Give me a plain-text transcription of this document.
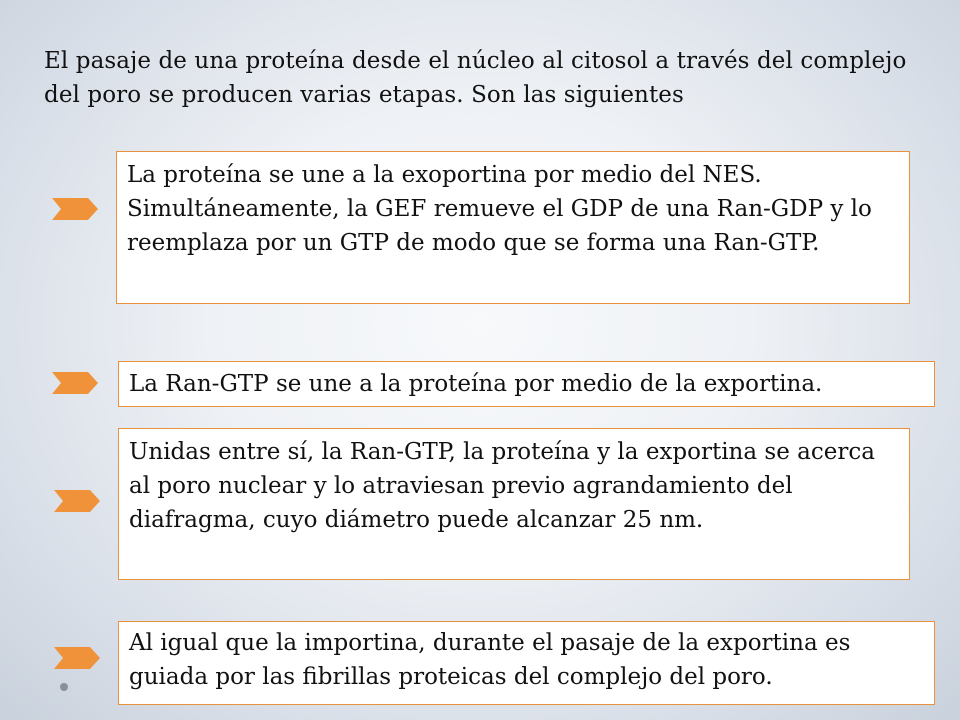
El pasaje de una proteína desde el núcleo al citosol a través del complejo del poro se producen varias etapas. Son las siguientes
La proteína se une a la exoportina por medio del NES. Simultáneamente, la GEF remueve el GDP de una Ran-GDP y lo reemplaza por un GTP de modo que se forma una Ran-GTP.
La Ran-GTP se une a la proteína por medio de la exportina.
Unidas entre sí, la Ran-GTP, la proteína y la exportina se acerca al poro nuclear y lo atraviesan previo agrandamiento del diafragma, cuyo diámetro puede alcanzar 25 nm.
Al igual que la importina, durante el pasaje de la exportina es guiada por las fibrillas proteicas del complejo del poro.
